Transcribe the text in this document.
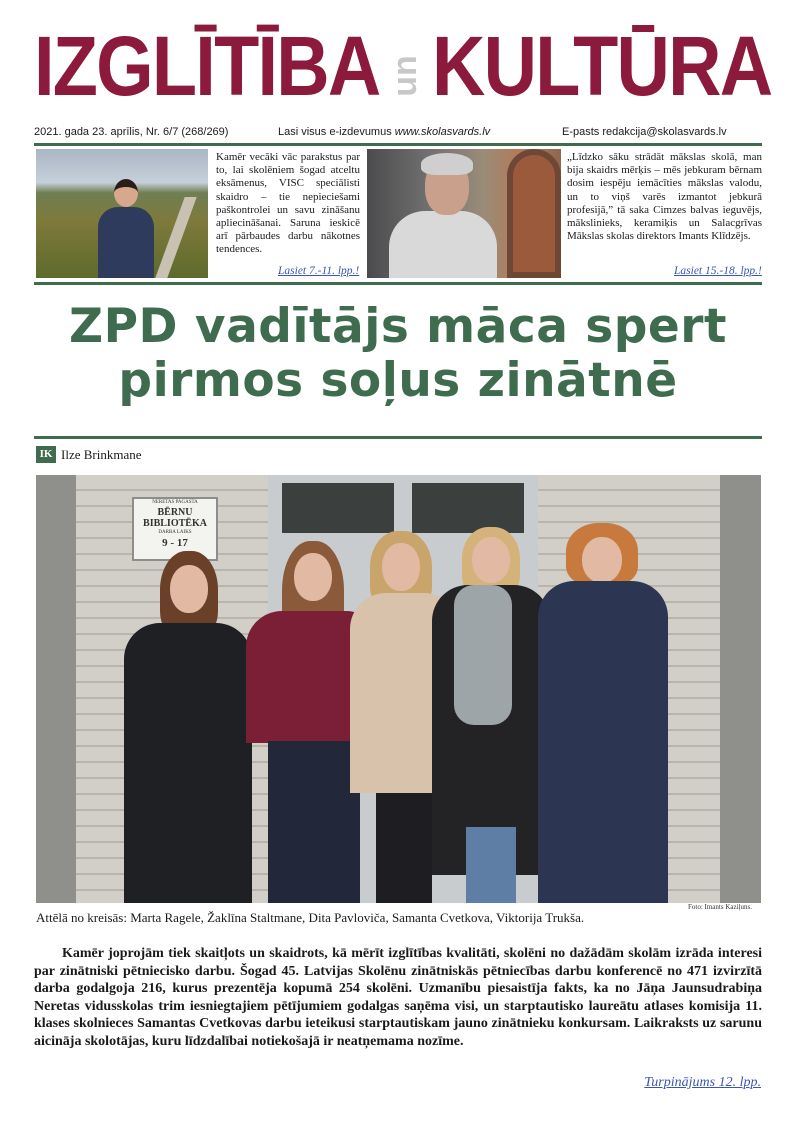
IZGLĪTĪBA un KULTŪRA
2021. gada 23. aprīlis, Nr. 6/7 (268/269)	Lasi visus e-izdevumus www.skolasvards.lv	E-pasts redakcija@skolasvards.lv

Kamēr vecāki vāc parakstus par to, lai skolēniem šogad atceltu eksāmenus, VISC speciālisti skaidro – tie nepieciešami paškontrolei un savu zināšanu apliecināšanai. Saruna ieskicē arī pārbaudes darbu nākotnes tendences.

Lasiet 7.-11. lpp.!

„Līdzko sāku strādāt mākslas skolā, man bija skaidrs mērķis – mēs jebkuram bērnam dosim iespēju iemācīties mākslas valodu, un to viņš varēs izmantot jebkurā profesijā,” tā saka Cimzes balvas ieguvējs, mākslinieks, keramiķis un Salacgrīvas Mākslas skolas direktors Imants Klīdzējs.

Lasiet 15.-18. lpp.!
ZPD vadītājs māca spert
pirmos soļus zinātnē
IK Ilze Brinkmane
NERETAS PAGASTA
BĒRNU
BIBLIOTĒKA
DARBA LAIKS
9 - 17
Foto: Imants Kaziļuns.
Attēlā no kreisās: Marta Ragele, Žaklīna Staltmane, Dita Pavloviča, Samanta Cvetkova, Viktorija Trukša.

Kamēr joprojām tiek skaitļots un skaidrots, kā mērīt izglītības kvalitāti, skolēni no dažādām skolām izrāda interesi par zinātniski pētniecisko darbu. Šogad 45. Latvijas Skolēnu zinātniskās pētniecības darbu konferencē no 471 izvirzītā darba godalgoja 216, kurus prezentēja kopumā 254 skolēni. Uzmanību piesaistīja fakts, ka no Jāņa Jaunsudrabiņa Neretas vidusskolas trim iesniegtajiem pētījumiem godalgas saņēma visi, un starptautisko laureātu atlases komisija 11. klases skolnieces Samantas Cvetkovas darbu ieteikusi starptautiskam jauno zinātnieku konkursam. Laikraksts uz sarunu aicināja skolotājas, kuru līdzdalībai notiekošajā ir neatņemama nozīme.

Turpinājums 12. lpp.
